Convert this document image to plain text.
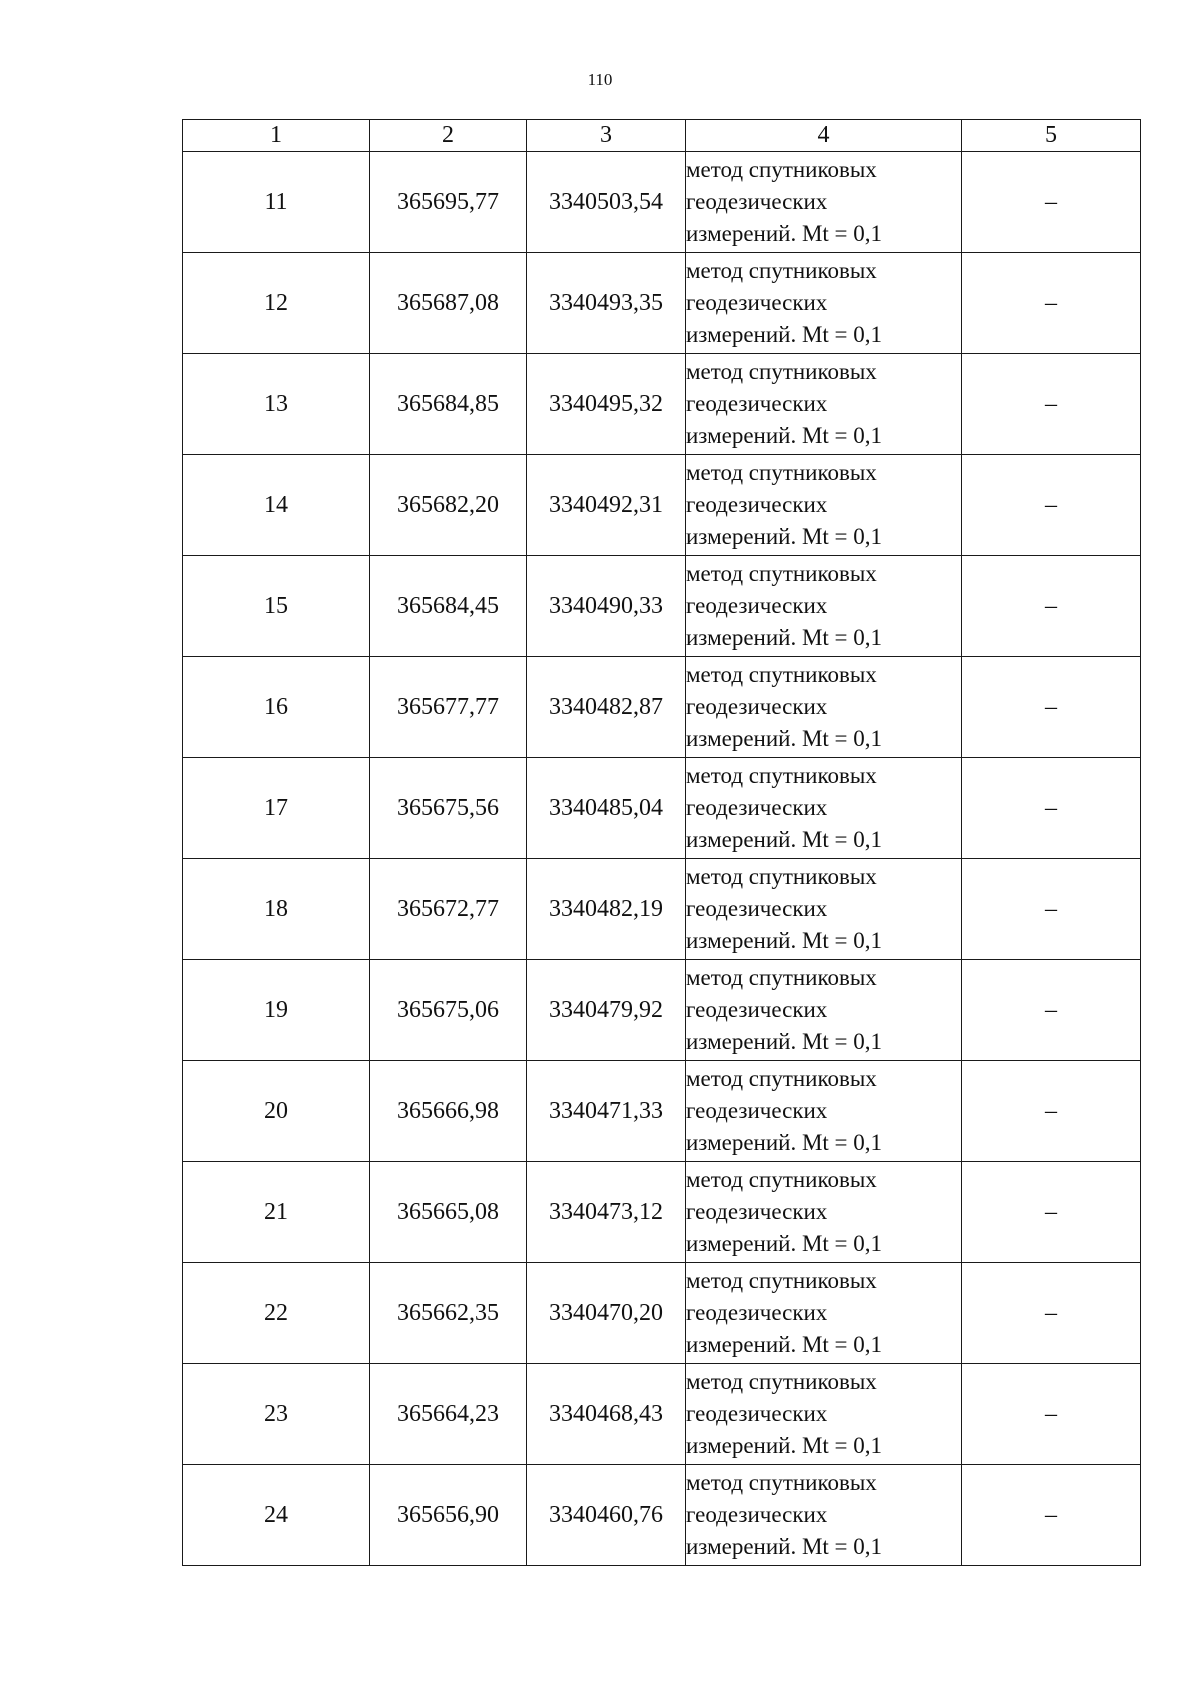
110
1	2	3	4	5
11	365695,77	3340503,54	метод спутниковых
геодезических
измерений. Mt = 0,1	–
12	365687,08	3340493,35	метод спутниковых
геодезических
измерений. Mt = 0,1	–
13	365684,85	3340495,32	метод спутниковых
геодезических
измерений. Mt = 0,1	–
14	365682,20	3340492,31	метод спутниковых
геодезических
измерений. Mt = 0,1	–
15	365684,45	3340490,33	метод спутниковых
геодезических
измерений. Mt = 0,1	–
16	365677,77	3340482,87	метод спутниковых
геодезических
измерений. Mt = 0,1	–
17	365675,56	3340485,04	метод спутниковых
геодезических
измерений. Mt = 0,1	–
18	365672,77	3340482,19	метод спутниковых
геодезических
измерений. Mt = 0,1	–
19	365675,06	3340479,92	метод спутниковых
геодезических
измерений. Mt = 0,1	–
20	365666,98	3340471,33	метод спутниковых
геодезических
измерений. Mt = 0,1	–
21	365665,08	3340473,12	метод спутниковых
геодезических
измерений. Mt = 0,1	–
22	365662,35	3340470,20	метод спутниковых
геодезических
измерений. Mt = 0,1	–
23	365664,23	3340468,43	метод спутниковых
геодезических
измерений. Mt = 0,1	–
24	365656,90	3340460,76	метод спутниковых
геодезических
измерений. Mt = 0,1	–
